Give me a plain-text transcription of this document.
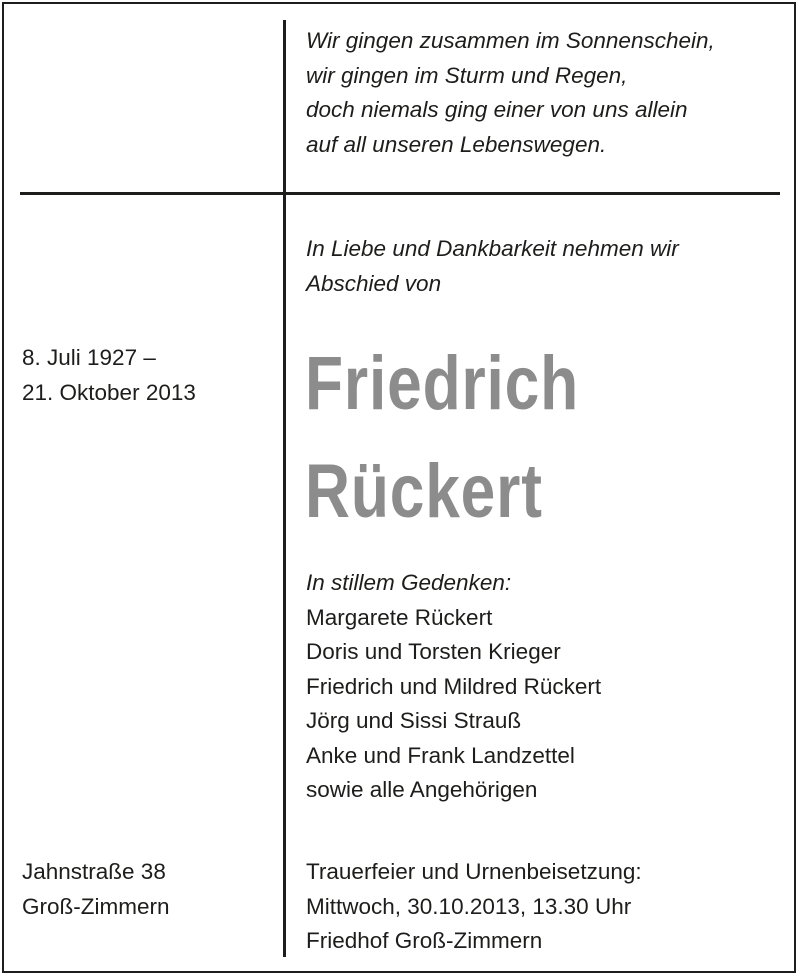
Wir gingen zusammen im Sonnenschein,
wir gingen im Sturm und Regen,
doch niemals ging einer von uns allein
auf all unseren Lebenswegen.

In Liebe und Dankbarkeit nehmen wir
Abschied von

8. Juli 1927 –
21. Oktober 2013 Friedrich
Rückert
In stillem Gedenken:
Margarete Rückert
Doris und Torsten Krieger
Friedrich und Mildred Rückert
Jörg und Sissi Strauß
Anke und Frank Landzettel
sowie alle Angehörigen

Jahnstraße 38
Groß-Zimmern

Trauerfeier und Urnenbeisetzung:
Mittwoch, 30.10.2013, 13.30 Uhr
Friedhof Groß-Zimmern
